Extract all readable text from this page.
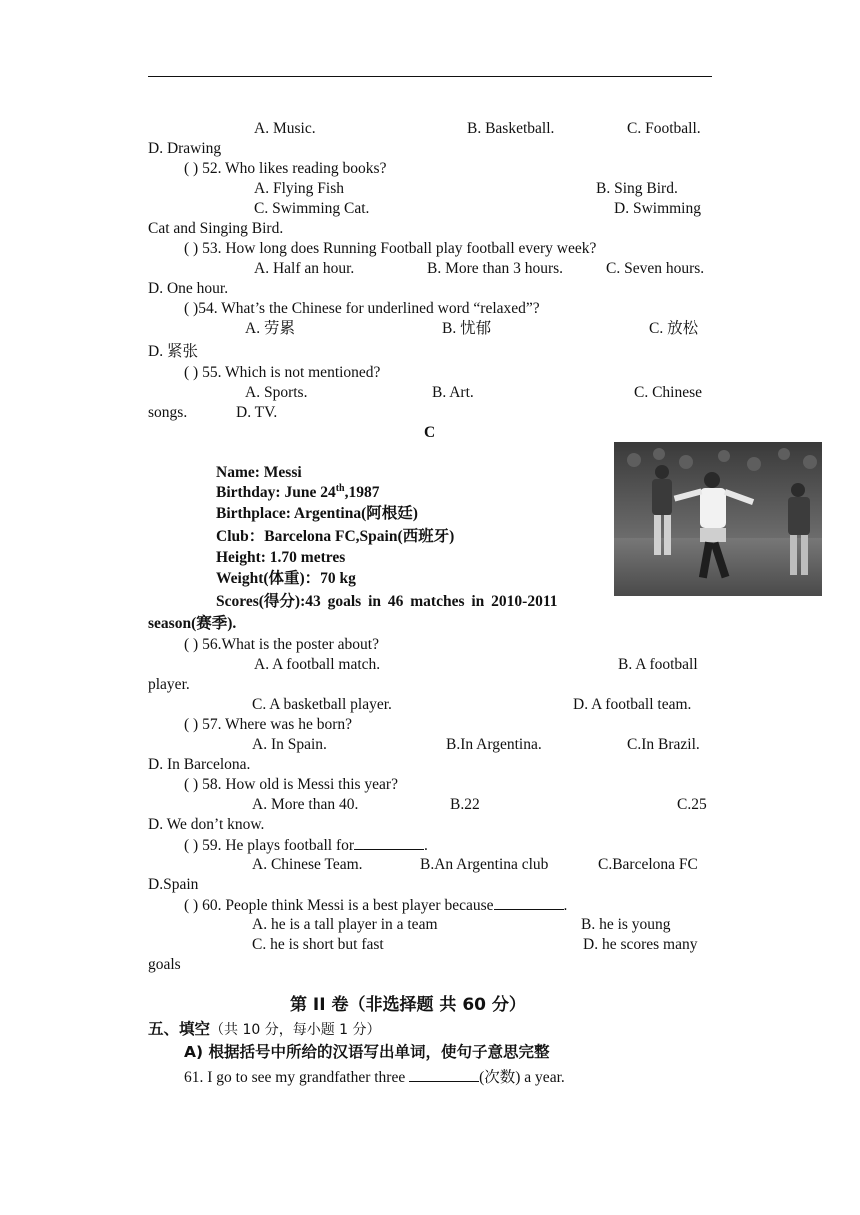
A. Music.	B. Basketball.	C. Football.
D. Drawing
( ) 52. Who likes reading books?
A. Flying Fish	B. Sing Bird.
C. Swimming Cat.	D. Swimming
Cat and Singing Bird.
( ) 53. How long does Running Football play football every week?
A. Half an hour.	B. More than 3 hours.	C. Seven hours.
D. One hour.
( )54. What’s the Chinese for underlined word “relaxed”?
A. 劳累	B. 忧郁	C. 放松
D. 紧张
( ) 55. Which is not mentioned?
A. Sports.	B. Art.	C. Chinese
songs.	D. TV.
C
Name: Messi
Birthday: June 24th,1987
Birthplace: Argentina(阿根廷)
Club：Barcelona FC,Spain(西班牙)
Height: 1.70 metres
Weight(体重)：70 kg
Scores(得分):43 goals in 46 matches in 2010-2011
season(赛季).
( ) 56.What is the poster about?
A. A football match.	B. A football
player.
C. A basketball player.	D. A football team.
( ) 57. Where was he born?
A. In Spain.	B.In Argentina.	C.In Brazil.
D. In Barcelona.
( ) 58. How old is Messi this year?
A. More than 40.	B.22	C.25
D. We don’t know.
( ) 59. He plays football for	.
A. Chinese Team.	B.An Argentina club	C.Barcelona FC
D.Spain
( ) 60. People think Messi is a best player because	.
A. he is a tall player in a team	B. he is young
C. he is short but fast	D. he scores many
goals
第 II 卷（非选择题 共 60 分）
五、填空（共 10 分，每小题 1 分）
A) 根据括号中所给的汉语写出单词，使句子意思完整
61. I go to see my grandfather three	(次数) a year.
